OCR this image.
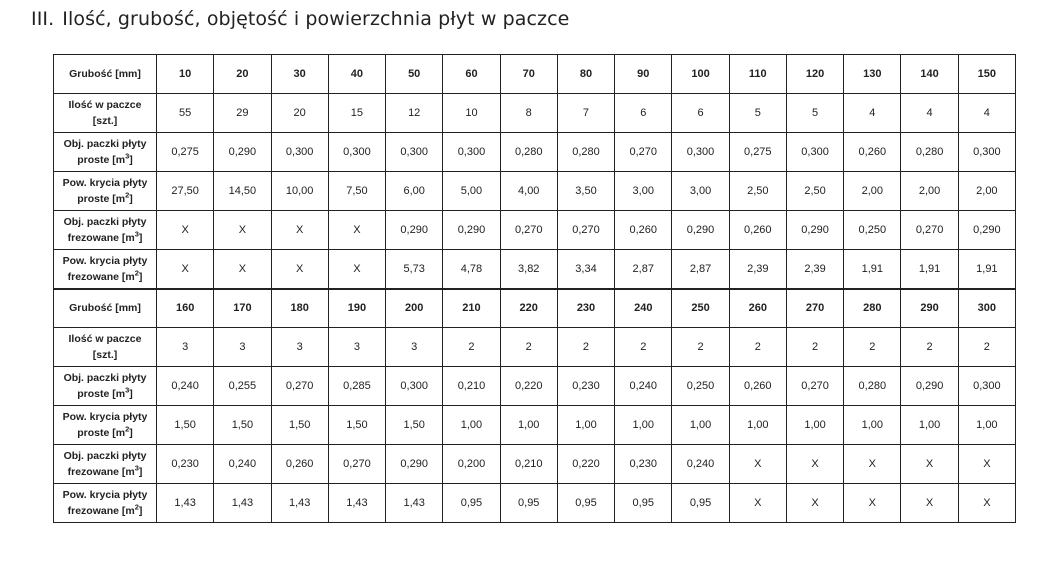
III. Ilość, grubość, objętość i powierzchnia płyt w paczce
Grubość [mm]	10	20	30	40	50	60	70	80	90	100	110	120	130	140	150
Ilość w paczce
[szt.]	55	29	20	15	12	10	8	7	6	6	5	5	4	4	4
Obj. paczki płyty
proste $[m^3]$	0,275	0,290	0,300	0,300	0,300	0,300	0,280	0,280	0,270	0,300	0,275	0,300	0,260	0,280	0,300
Pow. krycia płyty
proste $[m^2]$	27,50	14,50	10,00	7,50	6,00	5,00	4,00	3,50	3,00	3,00	2,50	2,50	2,00	2,00	2,00
Obj. paczki płyty
frezowane $[m^3]$	X	X	X	X	0,290	0,290	0,270	0,270	0,260	0,290	0,260	0,290	0,250	0,270	0,290
Pow. krycia płyty
frezowane $[m^2]$	X	X	X	X	5,73	4,78	3,82	3,34	2,87	2,87	2,39	2,39	1,91	1,91	1,91
Grubość [mm]	160	170	180	190	200	210	220	230	240	250	260	270	280	290	300
Ilość w paczce
[szt.]	3	3	3	3	3	2	2	2	2	2	2	2	2	2	2
Obj. paczki płyty
proste $[m^3]$	0,240	0,255	0,270	0,285	0,300	0,210	0,220	0,230	0,240	0,250	0,260	0,270	0,280	0,290	0,300
Pow. krycia płyty
proste $[m^2]$	1,50	1,50	1,50	1,50	1,50	1,00	1,00	1,00	1,00	1,00	1,00	1,00	1,00	1,00	1,00
Obj. paczki płyty
frezowane $[m^3]$	0,230	0,240	0,260	0,270	0,290	0,200	0,210	0,220	0,230	0,240	X	X	X	X	X
Pow. krycia płyty
frezowane $[m^2]$	1,43	1,43	1,43	1,43	1,43	0,95	0,95	0,95	0,95	0,95	X	X	X	X	X
